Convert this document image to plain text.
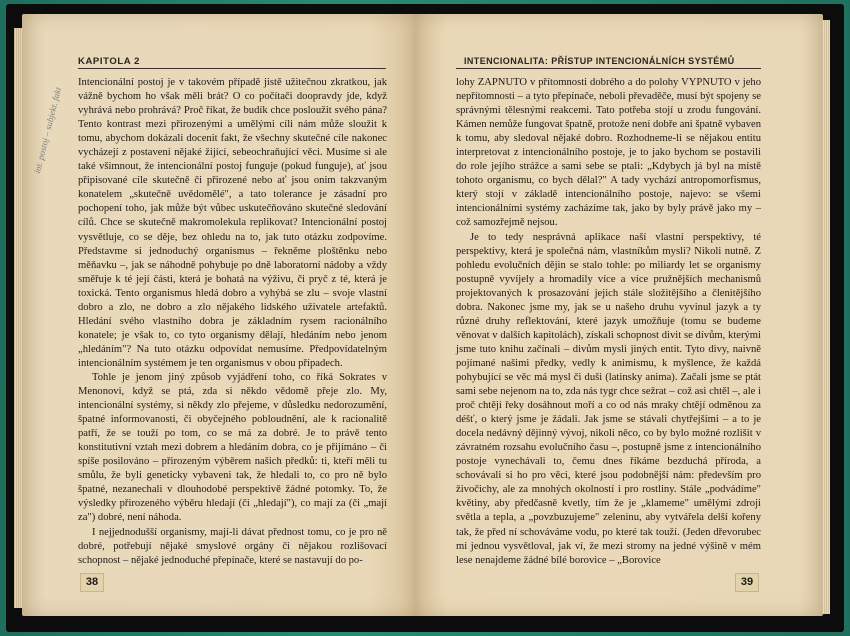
KAPITOLA 2
int. postoj – subjekt. fakt

Intencionální postoj je v takovém případě jistě užitečnou zkratkou, jak vážně bychom ho však měli brát? O co počítači doopravdy jde, když vyhrává nebo prohrává? Proč říkat, že budík chce posloužit svého pána? Tento kontrast mezi přirozenými a umělými cíli nám může sloužit k tomu, abychom dokázali docenit fakt, že všechny skutečné cíle nakonec vycházejí z postavení nějaké žijící, sebeochraňující věci. Musíme si ale také všimnout, že intencionální postoj funguje (pokud funguje), ať jsou připisované cíle skutečně či přirozené nebo ať jsou onim takzvaným konatelem „skutečně uvědomělé", a tato tolerance je zásadní pro pochopení toho, jak může být vůbec uskutečňováno skutečné sledování cílů. Chce se skutečně makromolekula replikovat? Intencionální postoj vysvětluje, co se děje, bez ohledu na to, jak tuto otázku zodpovíme. Představme si jednoduchý organismus – řekněme ploštěnku nebo měňavku –, jak se náhodně pohybuje po dně laboratorní nádoby a vždy směřuje k té její části, která je bohatá na výživu, či pryč z té, která je toxická. Tento organismus hledá dobro a vyhýbá se zlu – svoje vlastní dobro a zlo, ne dobro a zlo nějakého lidského uživatele artefaktů. Hledání svého vlastního dobra je základním rysem racionálního konatele; je však to, co tyto organismy dělají, hledáním nebo jenom „hledáním"? Na tuto otázku odpovídat nemusíme. Předpovídatelným intencionálním systémem je ten organismus v obou případech.

Tohle je jenom jiný způsob vyjádření toho, co říká Sokrates v Menonovi, když se ptá, zda si někdo vědomě přeje zlo. My, intencionální systémy, si někdy zlo přejeme, v důsledku nedorozumění, špatné informovanosti, či obyčejného pobloudnění, ale k racionalitě patří, že se touží po tom, co se má za dobré. Je to právě tento konstitutivní vztah mezi dobrem a hledáním dobra, co je přijímáno – či spíše posilováno – přirozeným výběrem našich předků: ti, kteří měli tu smůlu, že byli geneticky vybaveni tak, že hledali to, co pro ně bylo špatné, nezanechali v dlouhodobé perspektivě žádné potomky. To, že výsledky přirozeného výběru hledají (či „hledají"), co mají za (či „mají za") dobré, není náhoda.

I nejjednodušší organismy, mají-li dávat přednost tomu, co je pro ně dobré, potřebují nějaké smyslové orgány či nějakou rozlišovací schopnost – nějaké jednoduché přepínače, které se nastavují do po-

38
INTENCIONALITA: PŘÍSTUP INTENCIONÁLNÍCH SYSTÉMŮ

lohy ZAPNUTO v přítomnosti dobrého a do polohy VYPNUTO v jeho nepřítomnosti – a tyto přepínače, neboli převaděče, musí být spojeny se správnými tělesnými reakcemi. Tato potřeba stojí u zrodu fungování. Kámen nemůže fungovat špatně, protože není dobře ani špatně vybaven k tomu, aby sledoval nějaké dobro. Rozhodneme-li se nějakou entitu interpretovat z intencionálního postoje, je to jako bychom se postavili do role jejího strážce a sami sebe se ptali: „Kdybych já byl na místě tohoto organismu, co bych dělal?" A tady vychází antropomorfismus, který stojí v základě intencionálního postoje, najevo: se všemi intencionálními systémy zacházíme tak, jako by byly právě jako my – což samozřejmě nejsou.

Je to tedy nesprávná aplikace naší vlastní perspektivy, té perspektivy, která je společná nám, vlastníkům mysli? Nikoli nutně. Z pohledu evolučních dějin se stalo tohle: po miliardy let se organismy postupně vyvíjely a hromadily více a více pružnějších mechanismů projektovaných k prosazování jejich stále složitějšího a členitějšího dobra. Nakonec jsme my, jak se u našeho druhu vyvinul jazyk a ty různé druhy reflektování, které jazyk umožňuje (tomu se budeme věnovat v dalších kapitolách), získali schopnost divit se dívům, kterými jsme tuto knihu začínali – divům mysli jiných entit. Tyto divy, naivně pojímané našimi předky, vedly k animismu, k myšlence, že každá pohybující se věc má mysl či duši (latinsky anima). Začali jsme se ptát sami sebe nejenom na to, zda nás tygr chce sežrat – což asi chtěl –, ale i proč chtějí řeky dosáhnout moří a co od nás mraky chtějí odměnou za déšť, o který jsme je žádali. Jak jsme se stávali chytřejšími – a to je docela nedávný dějinný vývoj, nikoli něco, co by bylo možné rozlišit v závratném rozsahu evolučního času –, postupně jsme z intencionálního postoje vynechávali to, čemu dnes říkáme bezduchá příroda, a schovávali si ho pro věci, které jsou podobnější nám: především pro živočichy, ale za mnohých okolností i pro rostliny. Stále „podvádíme" květiny, aby předčasně kvetly, tím že je „klameme" umělými zdroji světla a tepla, a „povzbuzujeme" zeleninu, aby vytvářela delší kořeny tak, že před ní schováváme vodu, po které tak touží. (Jeden dřevorubec mi jednou vysvětloval, jak ví, že mezi stromy na jedné výšině v mém lese nenajdeme žádné bílé borovice – „Borovice

39
